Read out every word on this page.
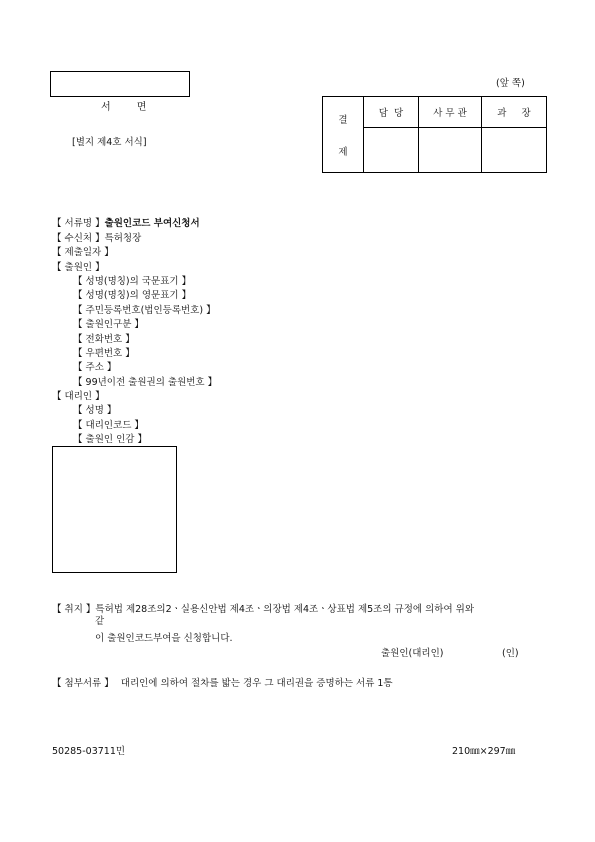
서      면

(앞 쪽)
[별지 제4호 서식]
결
제	담  당	사 무 관	과     장

【 서류명 】출원인코드 부여신청서
【 수신처 】특허청장
【 제출일자 】
【 출원인 】
【 성명(명칭)의 국문표기 】
【 성명(명칭)의 영문표기 】
【 주민등록번호(법인등록번호) 】
【 출원인구분 】
【 전화번호 】
【 우편번호 】
【 주소 】
【 99년이전 출원권의 출원번호 】
【 대리인 】
【 성명 】
【 대리인코드 】
【 출원인 인감 】
【 취지 】특허법 제28조의2ㆍ실용신안법 제4조ㆍ의장법 제4조ㆍ상표법 제5조의 규정에 의하여 위와
같
이 출원인코드부여을 신청합니다.
출원인(대리인)	(인)
【 첨부서류 】 대리인에 의하여 절차를 밟는 경우 그 대리권을 증명하는 서류 1통
50285-03711민	210㎜×297㎜
